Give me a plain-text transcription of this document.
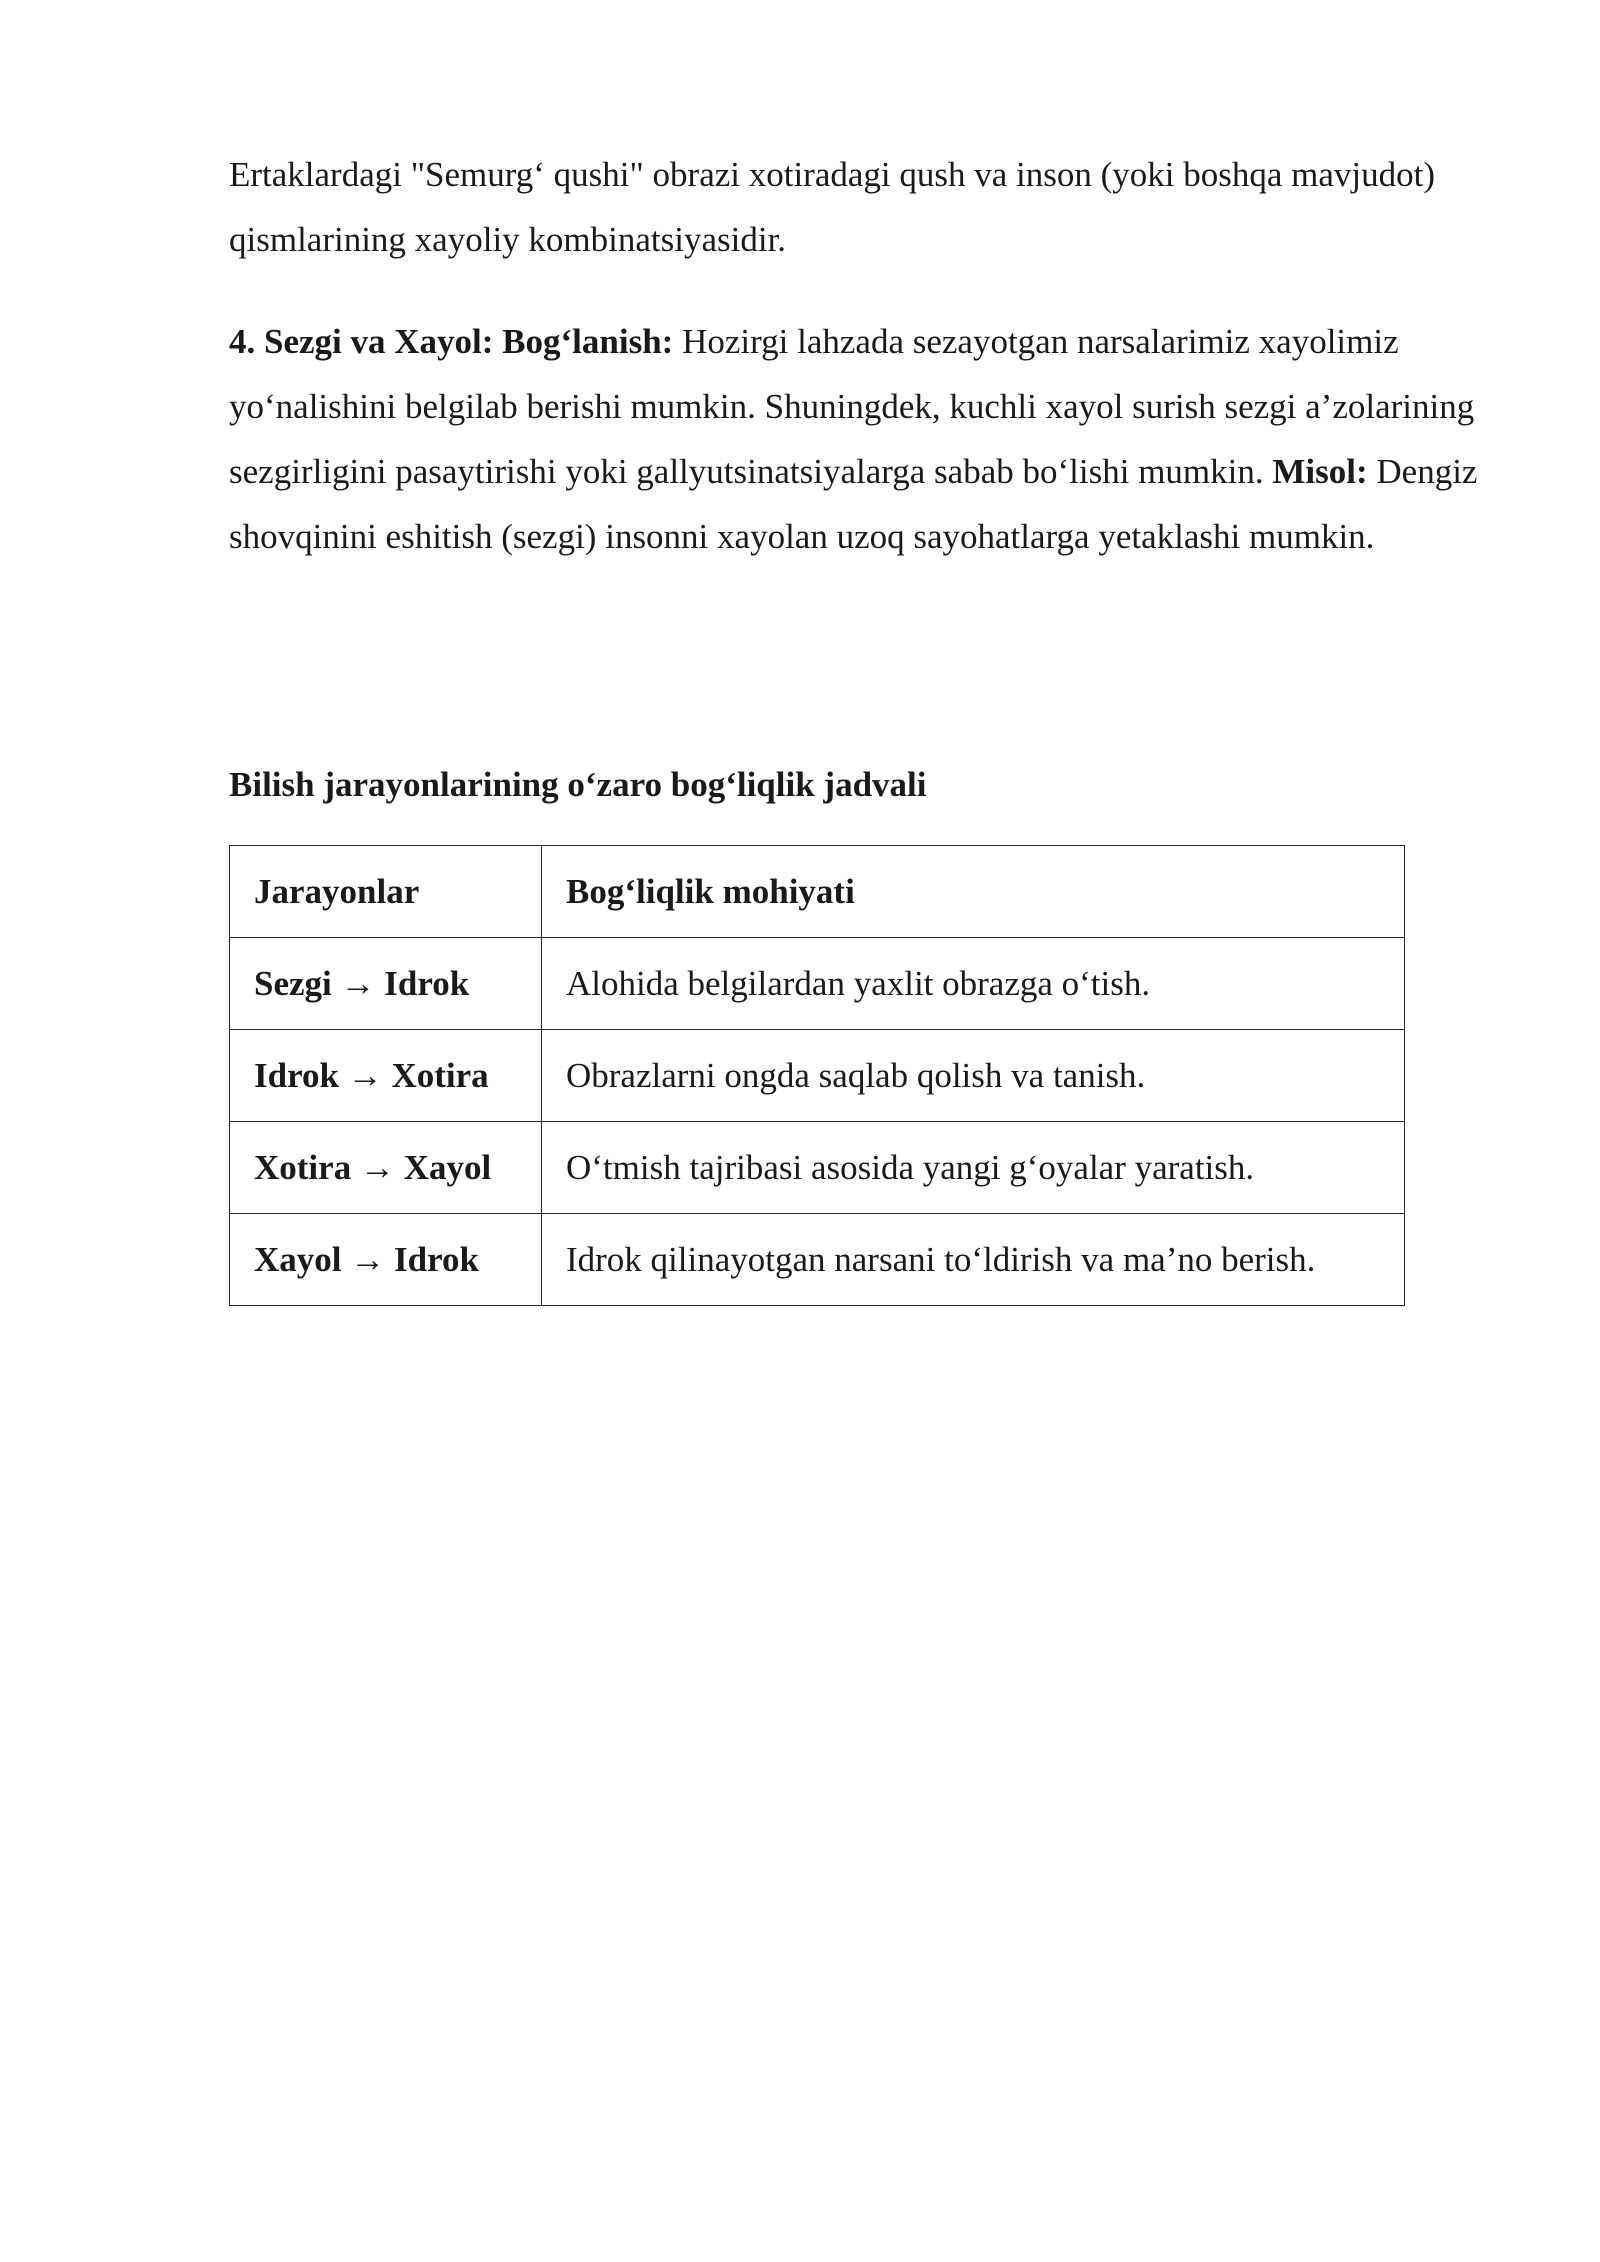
Ertaklardagi "Semurg‘ qushi" obrazi xotiradagi qush va inson (yoki boshqa mavjudot) qismlarining xayoliy kombinatsiyasidir.

4. Sezgi va Xayol: Bog‘lanish: Hozirgi lahzada sezayotgan narsalarimiz xayolimiz yo‘nalishini belgilab berishi mumkin. Shuningdek, kuchli xayol surish sezgi a’zolarining sezgirligini pasaytirishi yoki gallyutsinatsiyalarga sabab bo‘lishi mumkin. Misol: Dengiz shovqinini eshitish (sezgi) insonni xayolan uzoq sayohatlarga yetaklashi mumkin.

Bilish jarayonlarining o‘zaro bog‘liqlik jadvali

Jarayonlar	Bog‘liqlik mohiyati
Sezgi → Idrok	Alohida belgilardan yaxlit obrazga o‘tish.
Idrok → Xotira	Obrazlarni ongda saqlab qolish va tanish.
Xotira → Xayol	O‘tmish tajribasi asosida yangi g‘oyalar yaratish.
Xayol → Idrok	Idrok qilinayotgan narsani to‘ldirish va ma’no berish.
